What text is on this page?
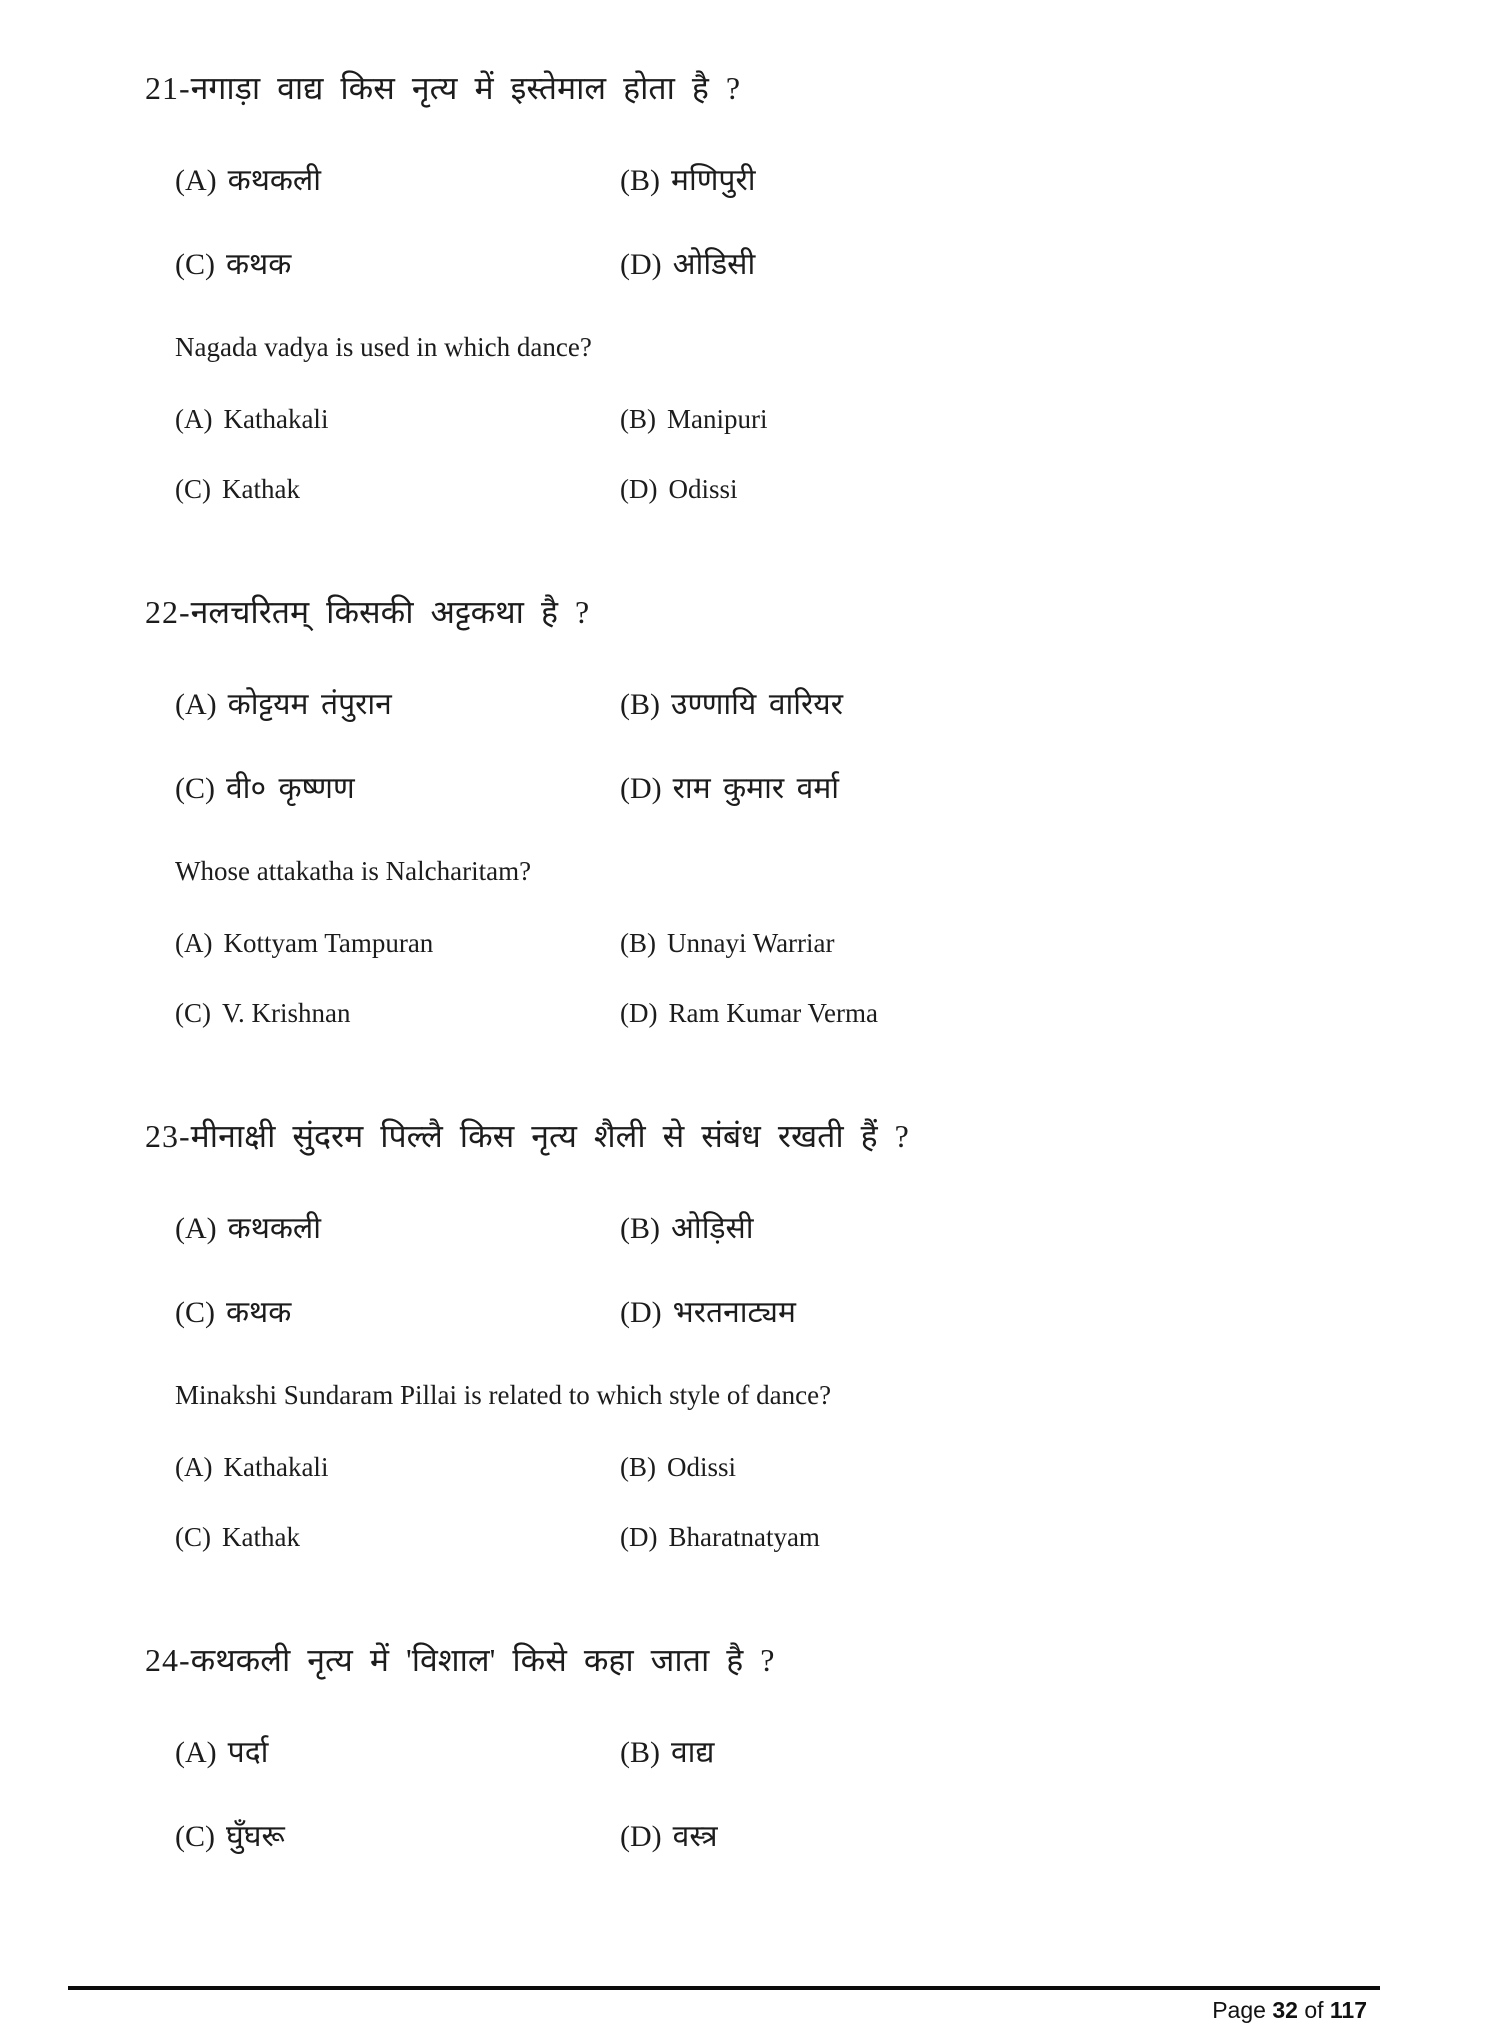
21-नगाड़ा वाद्य किस नृत्य में इस्तेमाल होता है ?
(A) कथकली	(B) मणिपुरी
(C) कथक	(D) ओडिसी
Nagada vadya is used in which dance?
(A) Kathakali	(B) Manipuri
(C) Kathak	(D) Odissi
22-नलचरितम् किसकी अट्टकथा है ?
(A) कोट्टयम तंपुरान	(B) उण्णायि वारियर
(C) वी० कृष्णण	(D) राम कुमार वर्मा
Whose attakatha is Nalcharitam?
(A) Kottyam Tampuran	(B) Unnayi Warriar
(C) V. Krishnan	(D) Ram Kumar Verma
23-मीनाक्षी सुंदरम पिल्लै किस नृत्य शैली से संबंध रखती हैं ?
(A) कथकली	(B) ओड़िसी
(C) कथक	(D) भरतनाट्यम
Minakshi Sundaram Pillai is related to which style of dance?
(A) Kathakali	(B) Odissi
(C) Kathak	(D) Bharatnatyam
24-कथकली नृत्य में 'विशाल' किसे कहा जाता है ?
(A) पर्दा	(B) वाद्य
(C) घुँघरू	(D) वस्त्र
Page 32 of 117
